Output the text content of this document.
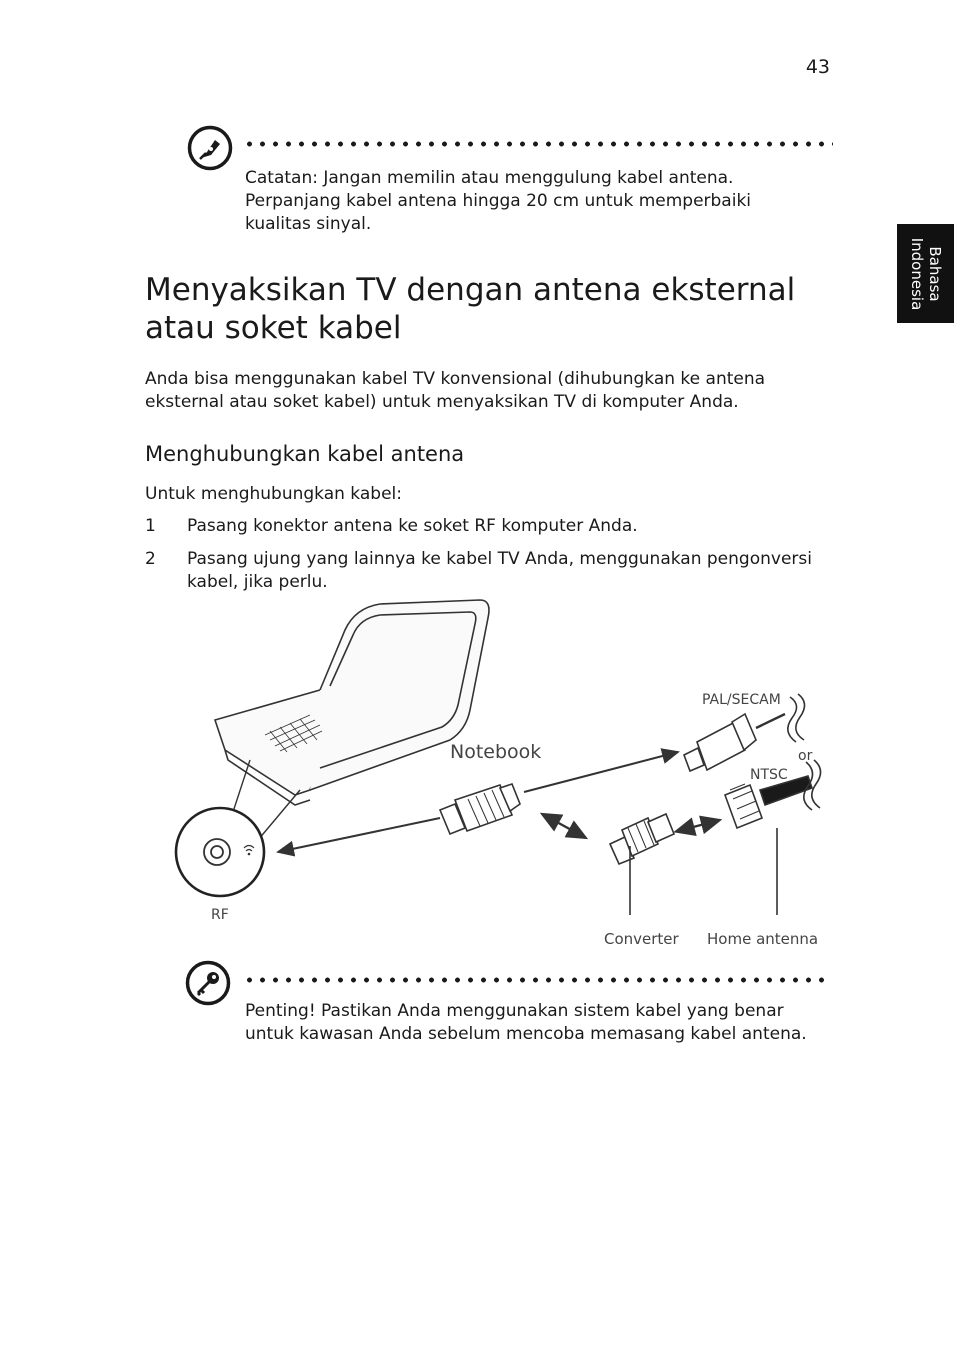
43
Bahasa
Indonesia
Catatan: Jangan memilin atau menggulung kabel antena.
Perpanjang kabel antena hingga 20 cm untuk memperbaiki
kualitas sinyal.
Menyaksikan TV dengan antena eksternal
atau soket kabel
Anda bisa menggunakan kabel TV konvensional (dihubungkan ke antena
eksternal atau soket kabel) untuk menyaksikan TV di komputer Anda.
Menghubungkan kabel antena
Untuk menghubungkan kabel:
1	Pasang konektor antena ke soket RF komputer Anda.
2	Pasang ujung yang lainnya ke kabel TV Anda, menggunakan pengonversi
kabel, jika perlu.
Notebook
PAL/SECAM
or
NTSC
RF
Converter Home antenna
Penting! Pastikan Anda menggunakan sistem kabel yang benar
untuk kawasan Anda sebelum mencoba memasang kabel antena.
